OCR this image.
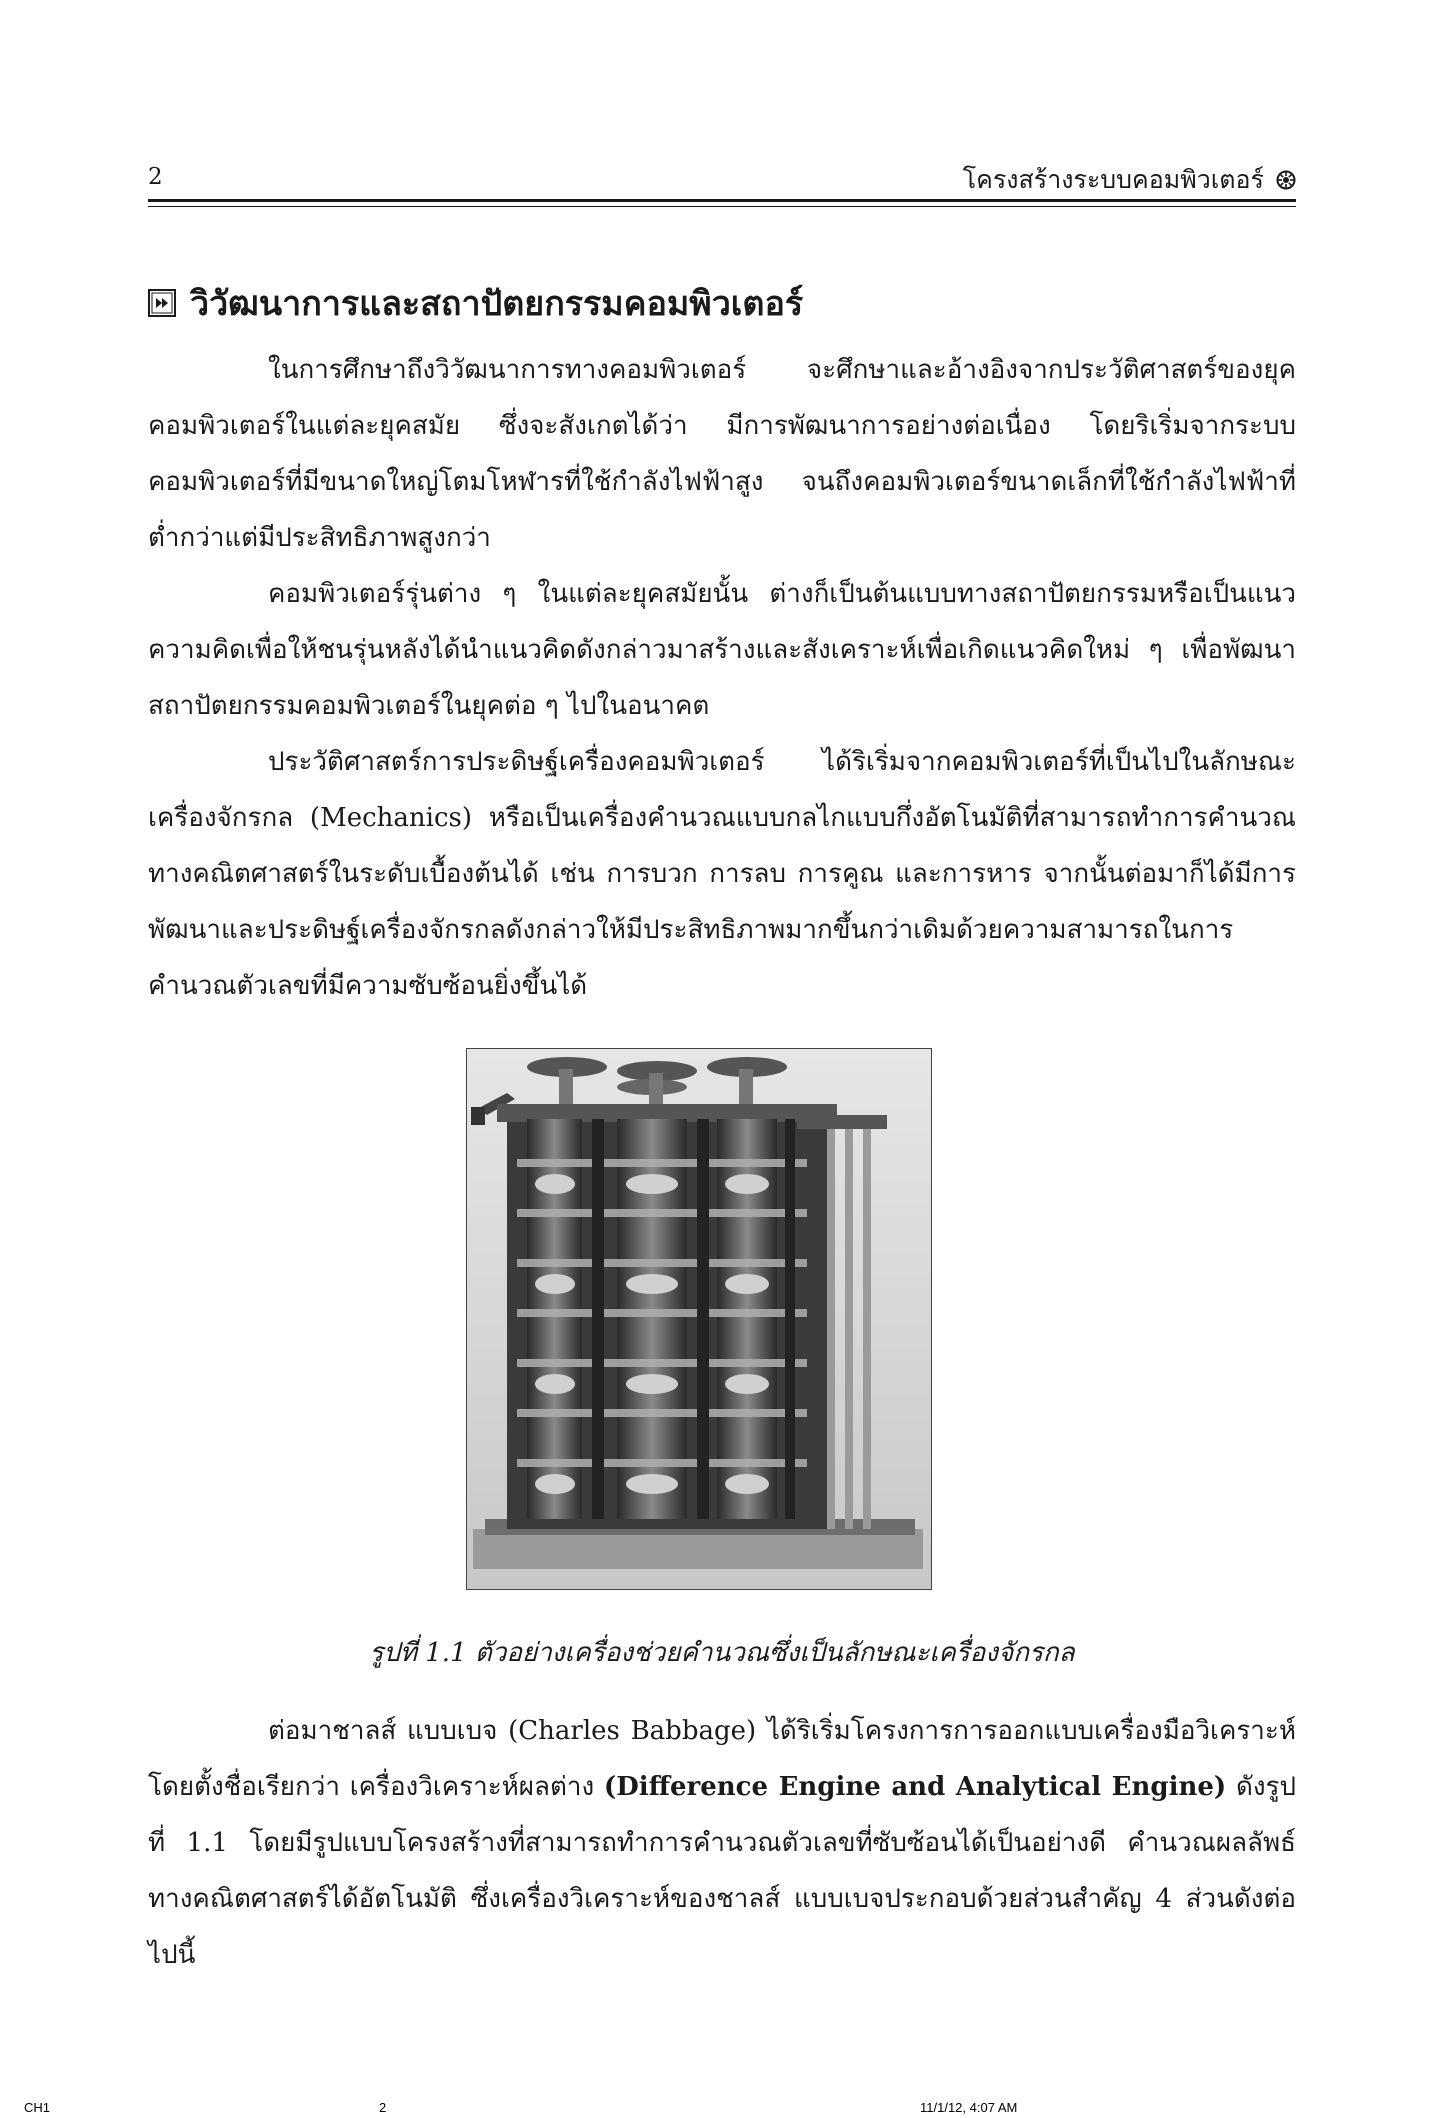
2	โครงสร้างระบบคอมพิวเตอร์
วิวัฒนาการและสถาปัตยกรรมคอมพิวเตอร์

ในการศึกษาถึงวิวัฒนาการทางคอมพิวเตอร์ จะศึกษาและอ้างอิงจากประวัติศาสตร์ของยุคคอมพิวเตอร์ในแต่ละยุคสมัย ซึ่งจะสังเกตได้ว่า มีการพัฒนาการอย่างต่อเนื่อง โดยริเริ่มจากระบบคอมพิวเตอร์ที่มีขนาดใหญ่โตมโหฬารที่ใช้กำลังไฟฟ้าสูง จนถึงคอมพิวเตอร์ขนาดเล็กที่ใช้กำลังไฟฟ้าที่ต่ำกว่าแต่มีประสิทธิภาพสูงกว่า

คอมพิวเตอร์รุ่นต่าง ๆ ในแต่ละยุคสมัยนั้น ต่างก็เป็นต้นแบบทางสถาปัตยกรรมหรือเป็นแนวความคิดเพื่อให้ชนรุ่นหลังได้นำแนวคิดดังกล่าวมาสร้างและสังเคราะห์เพื่อเกิดแนวคิดใหม่ ๆ เพื่อพัฒนาสถาปัตยกรรมคอมพิวเตอร์ในยุคต่อ ๆ ไปในอนาคต

ประวัติศาสตร์การประดิษฐ์เครื่องคอมพิวเตอร์ ได้ริเริ่มจากคอมพิวเตอร์ที่เป็นไปในลักษณะเครื่องจักรกล (Mechanics) หรือเป็นเครื่องคำนวณแบบกลไกแบบกึ่งอัตโนมัติที่สามารถทำการคำนวณทางคณิตศาสตร์ในระดับเบื้องต้นได้ เช่น การบวก การลบ การคูณ และการหาร จากนั้นต่อมาก็ได้มีการพัฒนาและประดิษฐ์เครื่องจักรกลดังกล่าวให้มีประสิทธิภาพมากขึ้นกว่าเดิมด้วยความสามารถในการคำนวณตัวเลขที่มีความซับซ้อนยิ่งขึ้นได้

รูปที่ 1.1 ตัวอย่างเครื่องช่วยคำนวณซึ่งเป็นลักษณะเครื่องจักรกล

ต่อมาชาลส์ แบบเบจ (Charles Babbage) ได้ริเริ่มโครงการการออกแบบเครื่องมือวิเคราะห์ โดยตั้งชื่อเรียกว่า เครื่องวิเคราะห์ผลต่าง (Difference Engine and Analytical Engine) ดังรูปที่ 1.1 โดยมีรูปแบบโครงสร้างที่สามารถทำการคำนวณตัวเลขที่ซับซ้อนได้เป็นอย่างดี คำนวณผลลัพธ์ทางคณิตศาสตร์ได้อัตโนมัติ ซึ่งเครื่องวิเคราะห์ของชาลส์ แบบเบจประกอบด้วยส่วนสำคัญ 4 ส่วนดังต่อไปนี้

CH1	2	11/1/12, 4:07 AM
